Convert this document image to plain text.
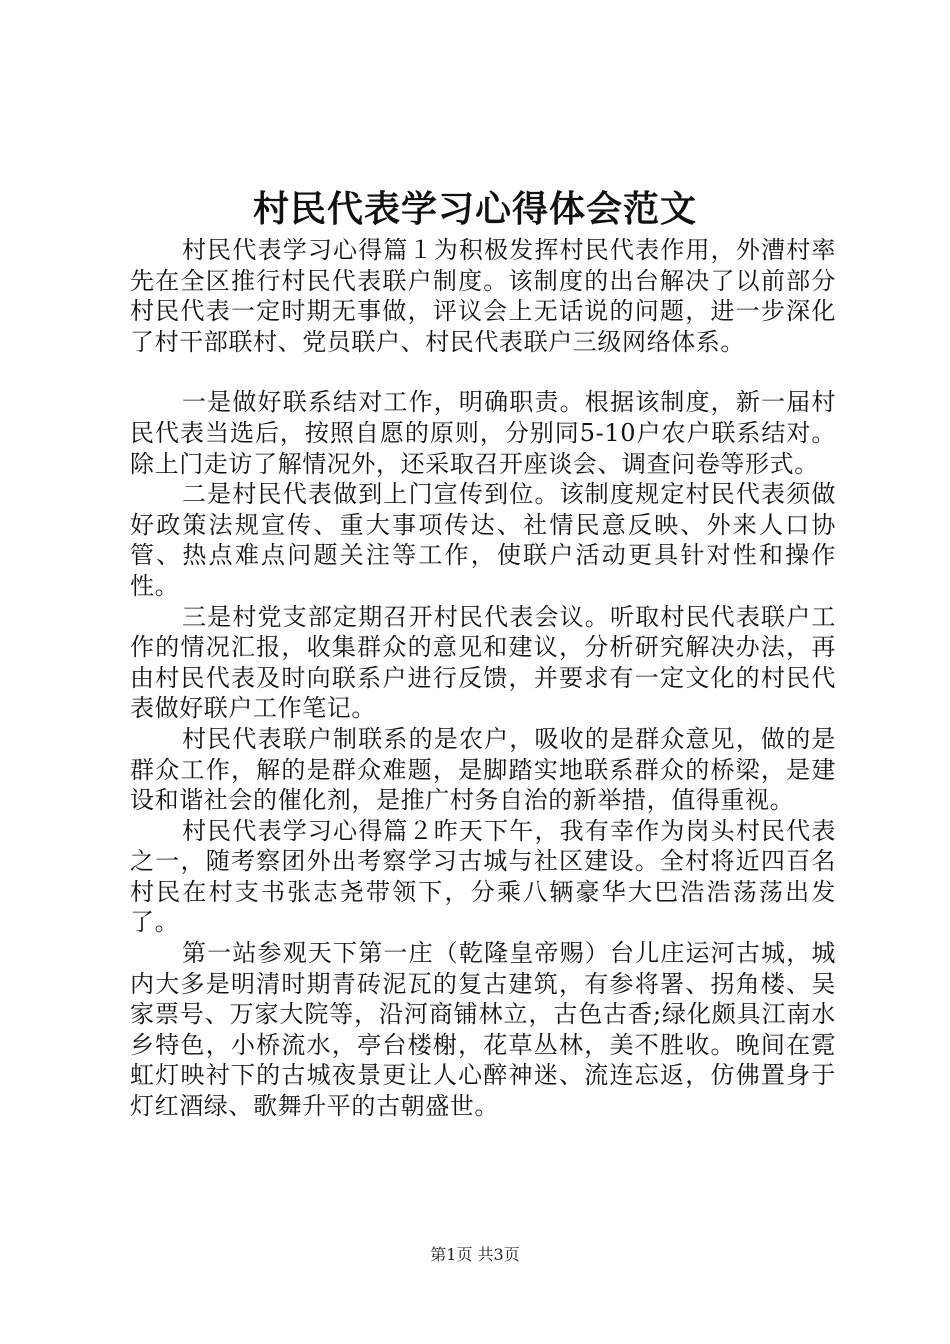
村民代表学习心得体会范文

村民代表学习心得篇１为积极发挥村民代表作用，外漕村率先在全区推行村民代表联户制度。该制度的出台解决了以前部分村民代表一定时期无事做，评议会上无话说的问题，进一步深化了村干部联村、党员联户、村民代表联户三级网络体系。

一是做好联系结对工作，明确职责。根据该制度，新一届村民代表当选后，按照自愿的原则，分别同5-10户农户联系结对。除上门走访了解情况外，还采取召开座谈会、调查问卷等形式。

二是村民代表做到上门宣传到位。该制度规定村民代表须做好政策法规宣传、重大事项传达、社情民意反映、外来人口协管、热点难点问题关注等工作，使联户活动更具针对性和操作性。

三是村党支部定期召开村民代表会议。听取村民代表联户工作的情况汇报，收集群众的意见和建议，分析研究解决办法，再由村民代表及时向联系户进行反馈，并要求有一定文化的村民代表做好联户工作笔记。

村民代表联户制联系的是农户，吸收的是群众意见，做的是群众工作，解的是群众难题，是脚踏实地联系群众的桥梁，是建设和谐社会的催化剂，是推广村务自治的新举措，值得重视。

村民代表学习心得篇２昨天下午，我有幸作为岗头村民代表之一，随考察团外出考察学习古城与社区建设。全村将近四百名村民在村支书张志尧带领下，分乘八辆豪华大巴浩浩荡荡出发了。

第一站参观天下第一庄（乾隆皇帝赐）台儿庄运河古城，城内大多是明清时期青砖泥瓦的复古建筑，有参将署、拐角楼、吴家票号、万家大院等，沿河商铺林立，古色古香;绿化颇具江南水乡特色，小桥流水，亭台楼榭，花草丛林，美不胜收。晚间在霓虹灯映衬下的古城夜景更让人心醉神迷、流连忘返，仿佛置身于灯红酒绿、歌舞升平的古朝盛世。

第1页 共3页
